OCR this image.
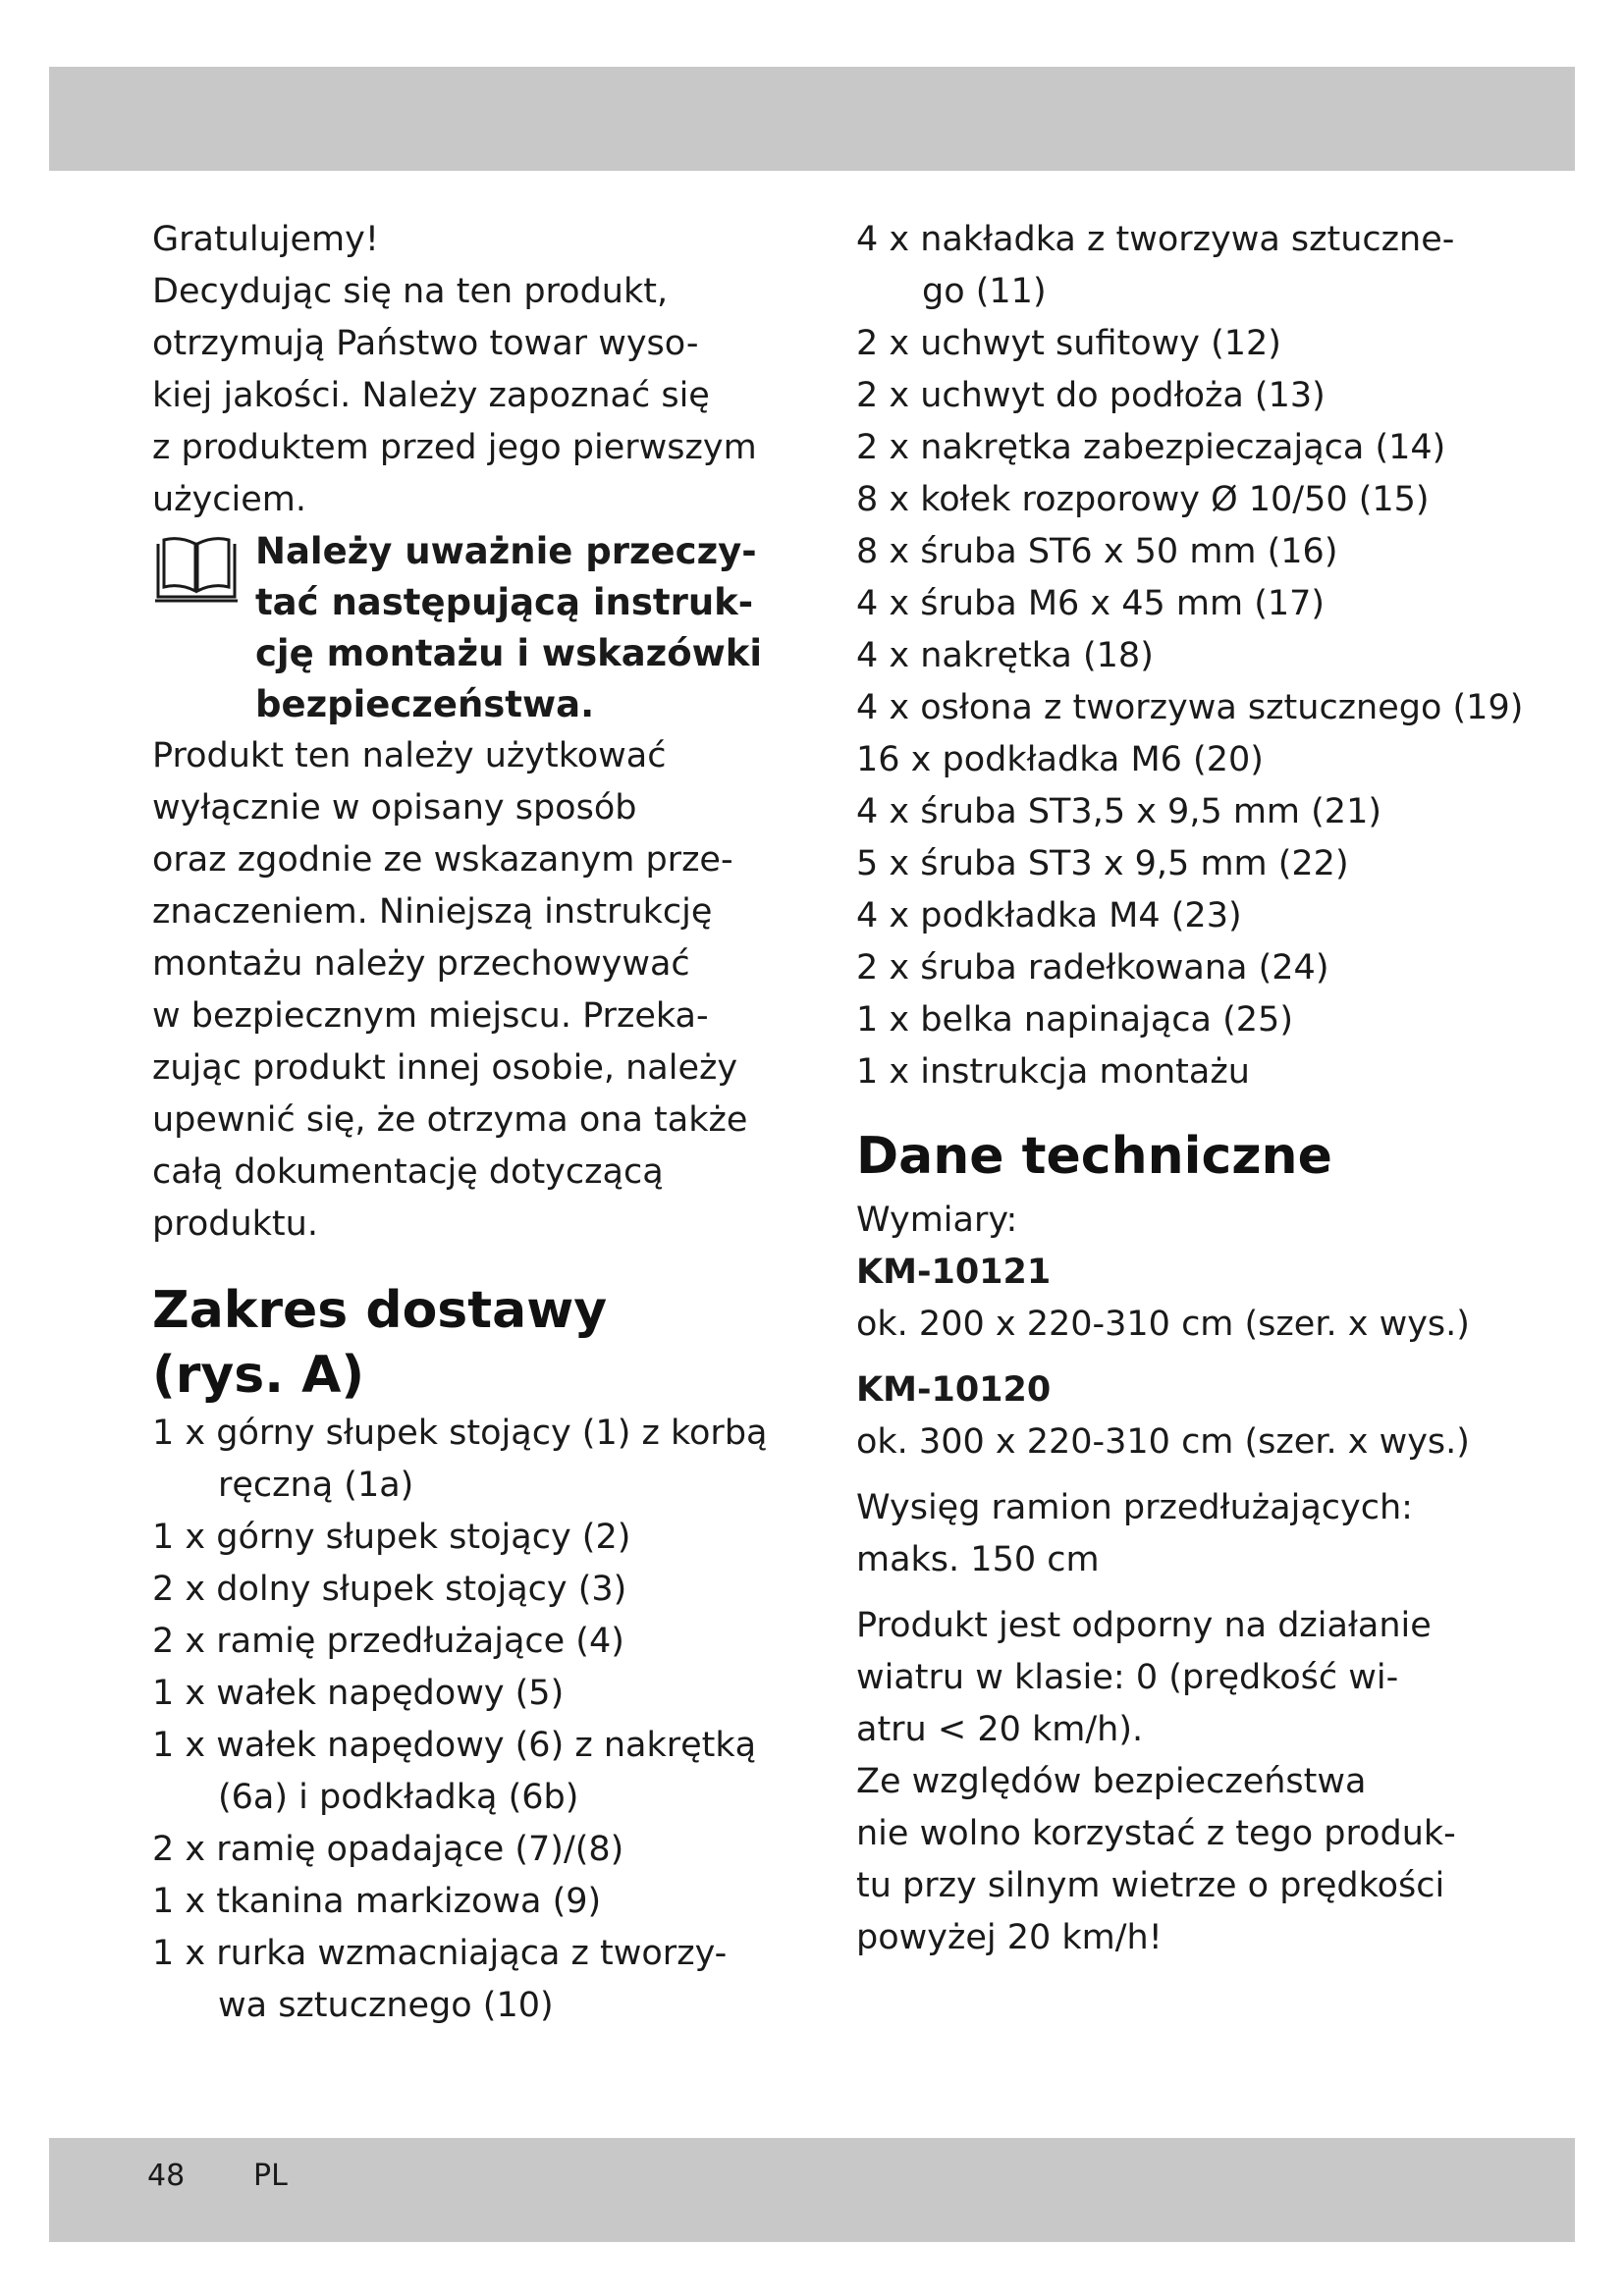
Gratulujemy!

Decydując się na ten produkt,

otrzymują Państwo towar wyso-

kiej jakości. Należy zapoznać się

z produktem przed jego pierwszym

użyciem.

Należy uważnie przeczy-

tać następującą instruk-

cję montażu i wskazówki

bezpieczeństwa.

Produkt ten należy użytkować

wyłącznie w opisany sposób

oraz zgodnie ze wskazanym prze-

znaczeniem. Niniejszą instrukcję

montażu należy przechowywać

w bezpiecznym miejscu. Przeka-

zując produkt innej osobie, należy

upewnić się, że otrzyma ona także

całą dokumentację dotyczącą

produktu.

Zakres dostawy
(rys. A)
1 x górny słupek stojący (1) z korbą
ręczną (1a)
1 x górny słupek stojący (2)
2 x dolny słupek stojący (3)
2 x ramię przedłużające (4)
1 x wałek napędowy (5)
1 x wałek napędowy (6) z nakrętką
(6a) i podkładką (6b)
2 x ramię opadające (7)/(8)
1 x tkanina markizowa (9)
1 x rurka wzmacniająca z tworzy-
wa sztucznego (10)
4 x nakładka z tworzywa sztuczne-
go (11)
2 x uchwyt sufitowy (12)
2 x uchwyt do podłoża (13)
2 x nakrętka zabezpieczająca (14)
8 x kołek rozporowy Ø 10/50 (15)
8 x śruba ST6 x 50 mm (16)
4 x śruba M6 x 45 mm (17)
4 x nakrętka (18)
4 x osłona z tworzywa sztucznego (19)
16 x podkładka M6 (20)
4 x śruba ST3,5 x 9,5 mm (21)
5 x śruba ST3 x 9,5 mm (22)
4 x podkładka M4 (23)
2 x śruba radełkowana (24)
1 x belka napinająca (25)
1 x instrukcja montażu
Dane techniczne

Wymiary:

KM-10121

ok. 200 x 220-310 cm (szer. x wys.)

KM-10120

ok. 300 x 220-310 cm (szer. x wys.)

Wysięg ramion przedłużających:

maks. 150 cm

Produkt jest odporny na działanie

wiatru w klasie: 0 (prędkość wi-

atru < 20 km/h).

Ze względów bezpieczeństwa

nie wolno korzystać z tego produk-

tu przy silnym wietrze o prędkości

powyżej 20 km/h!

48 PL
